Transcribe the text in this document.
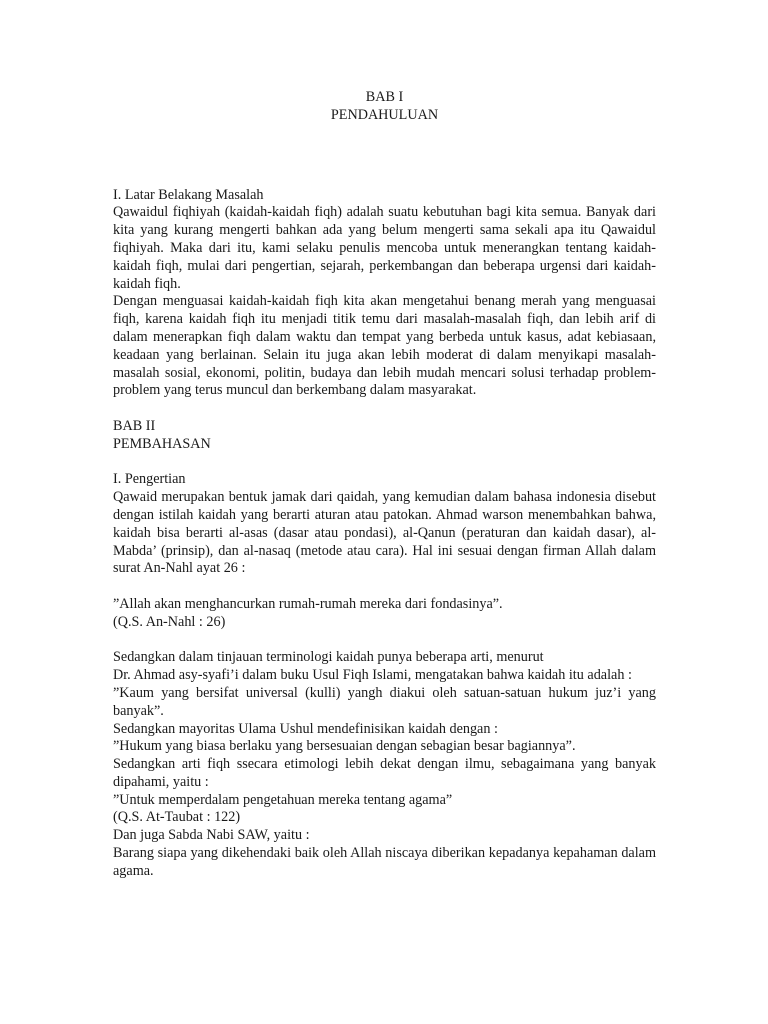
BAB I

PENDAHULUAN

I. Latar Belakang Masalah

Qawaidul fiqhiyah (kaidah-kaidah fiqh) adalah suatu kebutuhan bagi kita semua. Banyak dari kita yang kurang mengerti bahkan ada yang belum mengerti sama sekali apa itu Qawaidul fiqhiyah. Maka dari itu, kami selaku penulis mencoba untuk menerangkan tentang kaidah-kaidah fiqh, mulai dari pengertian, sejarah, perkembangan dan beberapa urgensi dari kaidah-kaidah fiqh.

Dengan menguasai kaidah-kaidah fiqh kita akan mengetahui benang merah yang menguasai fiqh, karena kaidah fiqh itu menjadi titik temu dari masalah-masalah fiqh, dan lebih arif di dalam menerapkan fiqh dalam waktu dan tempat yang berbeda untuk kasus, adat kebiasaan, keadaan yang berlainan. Selain itu juga akan lebih moderat di dalam menyikapi masalah-masalah sosial, ekonomi, politin, budaya dan lebih mudah mencari solusi terhadap problem-problem yang terus muncul dan berkembang dalam masyarakat.

BAB II

PEMBAHASAN

I. Pengertian

Qawaid merupakan bentuk jamak dari qaidah, yang kemudian dalam bahasa indonesia disebut dengan istilah kaidah yang berarti aturan atau patokan. Ahmad warson menembahkan bahwa, kaidah bisa berarti al-asas (dasar atau pondasi), al-Qanun (peraturan dan kaidah dasar), al-Mabda’ (prinsip), dan al-nasaq (metode atau cara). Hal ini sesuai dengan firman Allah dalam surat An-Nahl ayat 26 :

”Allah akan menghancurkan rumah-rumah mereka dari fondasinya”.

(Q.S. An-Nahl : 26)

Sedangkan dalam tinjauan terminologi kaidah punya beberapa arti, menurut

Dr. Ahmad asy-syafi’i dalam buku Usul Fiqh Islami, mengatakan bahwa kaidah itu adalah :

”Kaum yang bersifat universal (kulli) yangh diakui oleh satuan-satuan hukum juz’i yang banyak”.

Sedangkan mayoritas Ulama Ushul mendefinisikan kaidah dengan :

”Hukum yang biasa berlaku yang bersesuaian dengan sebagian besar bagiannya”.

Sedangkan arti fiqh ssecara etimologi lebih dekat dengan ilmu, sebagaimana yang banyak dipahami, yaitu :

”Untuk memperdalam pengetahuan mereka tentang agama”

(Q.S. At-Taubat : 122)

Dan juga Sabda Nabi SAW, yaitu :

Barang siapa yang dikehendaki baik oleh Allah niscaya diberikan kepadanya kepahaman dalam agama.
